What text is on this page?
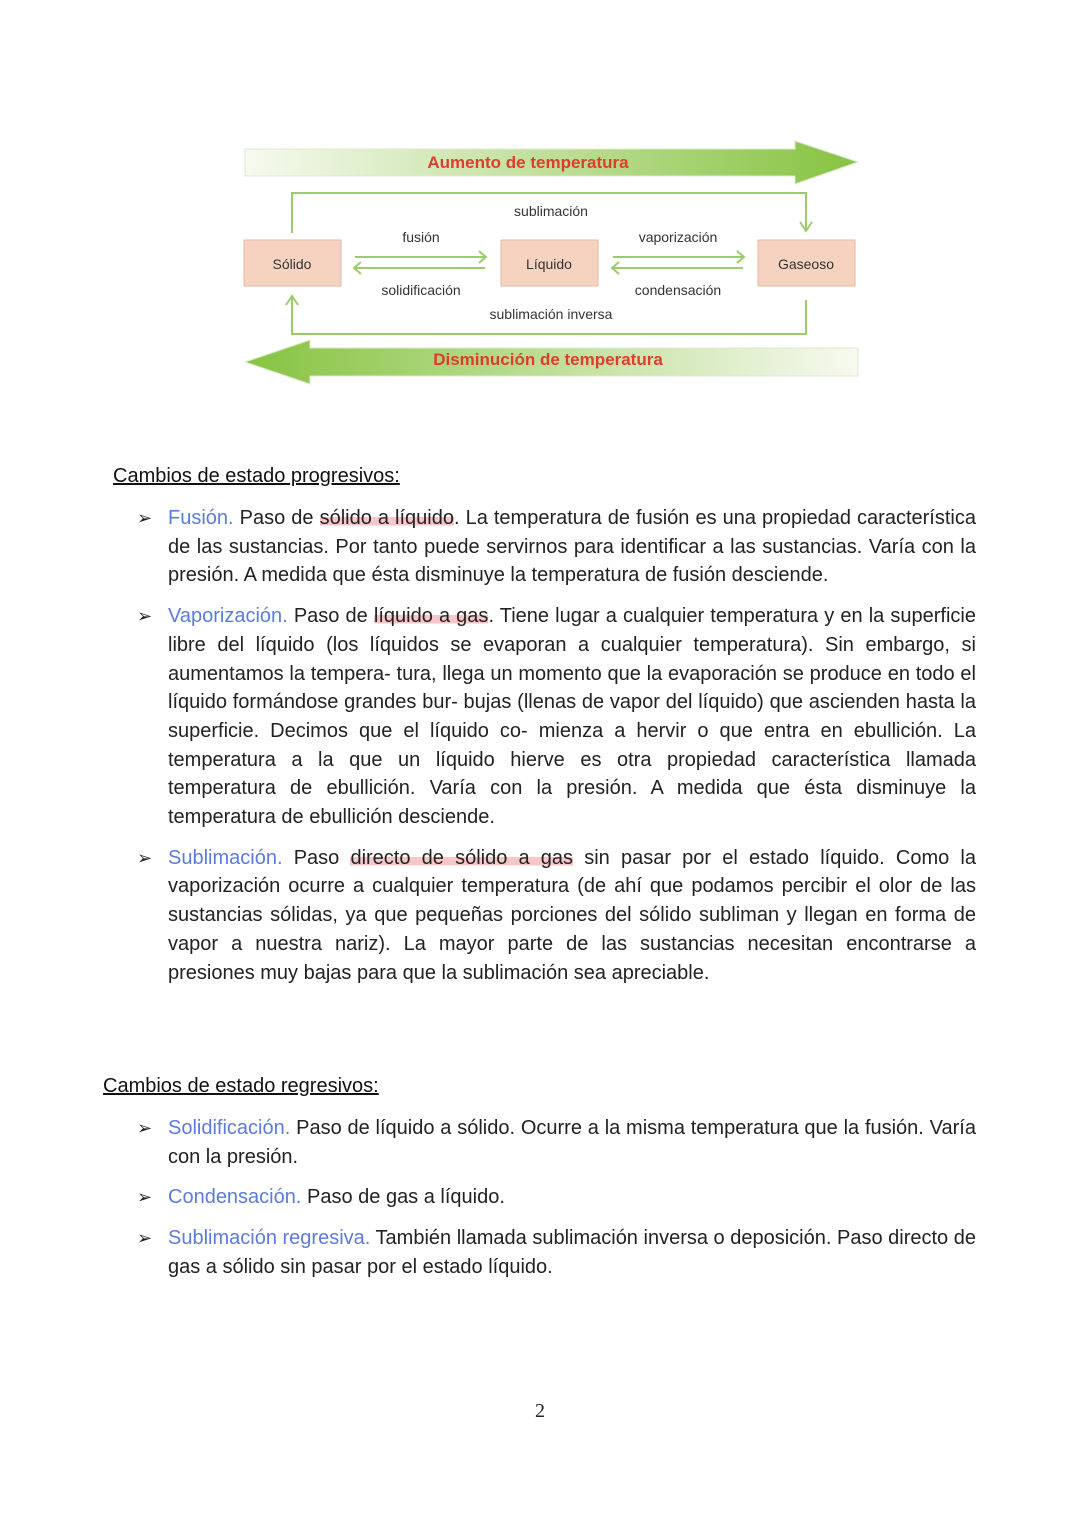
Aumento de temperatura
Disminución de temperatura
Sólido	Líquido	Gaseoso
sublimación
fusión	vaporización
solidificación	condensación
sublimación inversa
Cambios de estado progresivos:
➢ Fusión. Paso de sólido a líquido. La temperatura de fusión es una propiedad característica de las sustancias. Por tanto puede servirnos para identificar a las sustancias. Varía con la presión. A medida que ésta disminuye la temperatura de fusión desciende.
➢ Vaporización. Paso de líquido a gas. Tiene lugar a cualquier temperatura y en la superficie libre del líquido (los líquidos se evaporan a cualquier temperatura). Sin embargo, si aumentamos la tempera- tura, llega un momento que la evaporación se produce en todo el líquido formándose grandes bur- bujas (llenas de vapor del líquido) que ascienden hasta la superficie. Decimos que el líquido co- mienza a hervir o que entra en ebullición. La temperatura a la que un líquido hierve es otra propiedad característica llamada temperatura de ebullición. Varía con la presión. A medida que ésta disminuye la temperatura de ebullición desciende.
➢ Sublimación. Paso directo de sólido a gas sin pasar por el estado líquido. Como la vaporización ocurre a cualquier temperatura (de ahí que podamos percibir el olor de las sustancias sólidas, ya que pequeñas porciones del sólido subliman y llegan en forma de vapor a nuestra nariz). La mayor parte de las sustancias necesitan encontrarse a presiones muy bajas para que la sublimación sea apreciable.
Cambios de estado regresivos:
➢ Solidificación. Paso de líquido a sólido. Ocurre a la misma temperatura que la fusión. Varía con la presión.
➢ Condensación. Paso de gas a líquido.
➢ Sublimación regresiva. También llamada sublimación inversa o deposición. Paso directo de gas a sólido sin pasar por el estado líquido.
2
